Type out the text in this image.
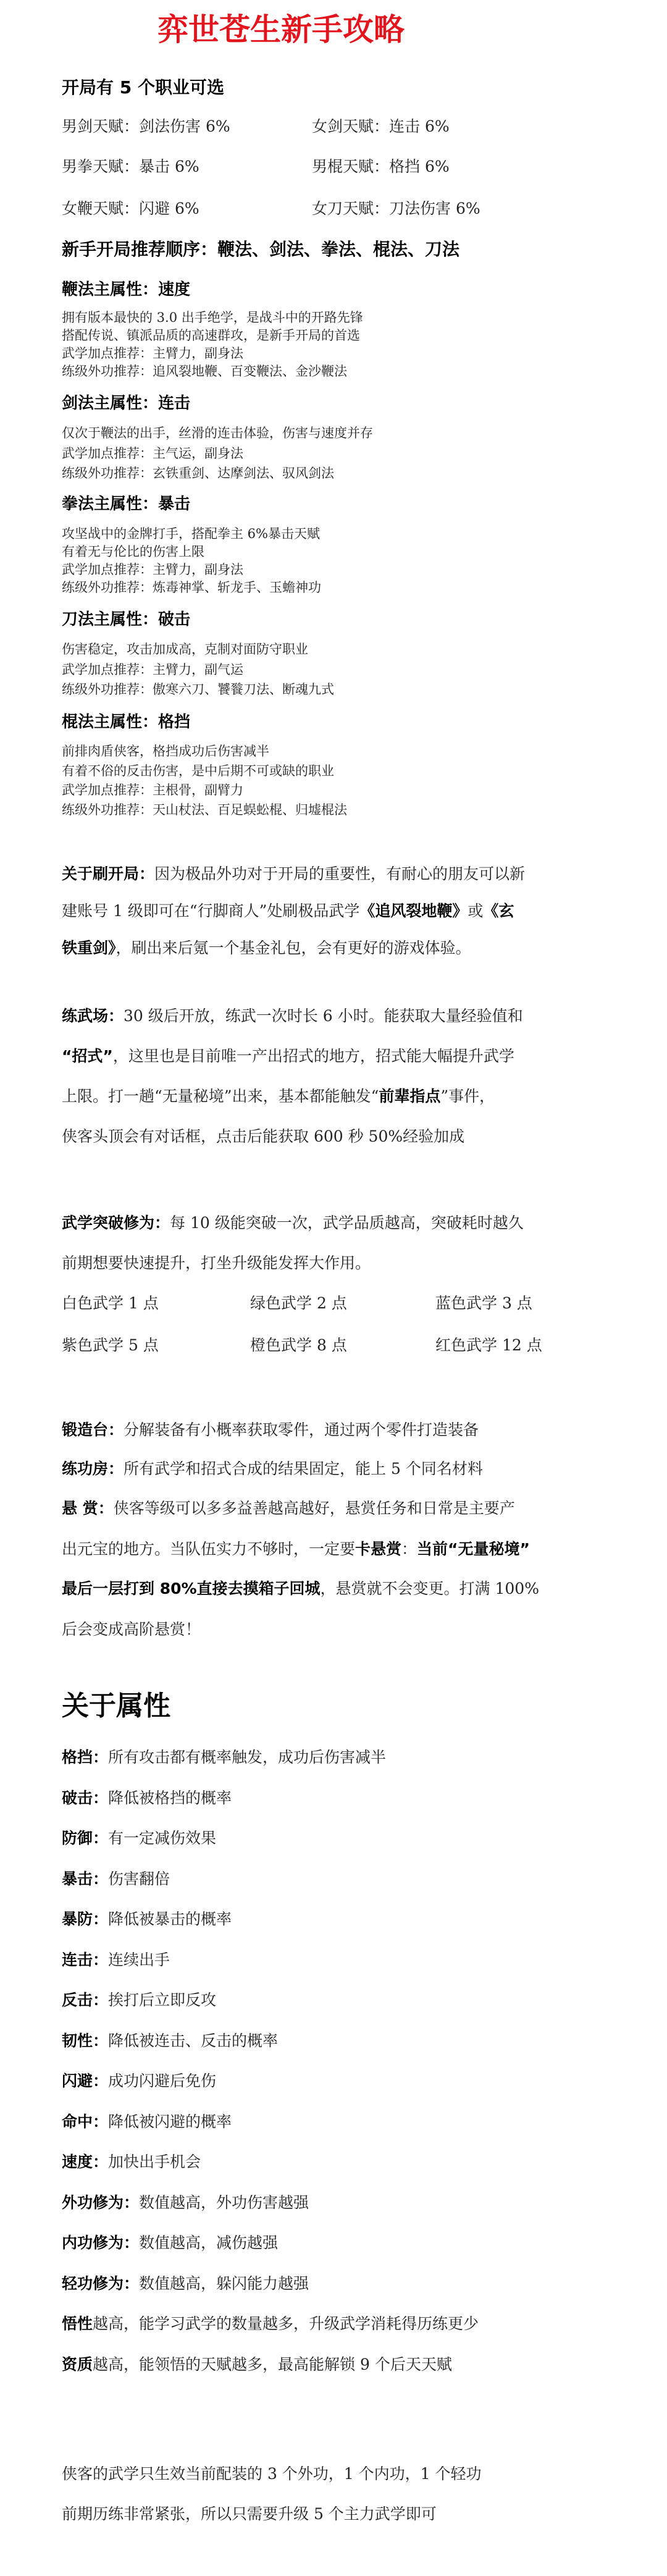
弈世苍生新手攻略
开局有 5 个职业可选
男剑天赋：剑法伤害 6%	女剑天赋：连击 6%
男拳天赋：暴击 6%	男棍天赋：格挡 6%
女鞭天赋：闪避 6%	女刀天赋：刀法伤害 6%
新手开局推荐顺序：鞭法、剑法、拳法、棍法、刀法
鞭法主属性：速度
拥有版本最快的 3.0 出手绝学，是战斗中的开路先锋
搭配传说、镇派品质的高速群攻，是新手开局的首选
武学加点推荐：主臂力，副身法
练级外功推荐：追风裂地鞭、百变鞭法、金沙鞭法
剑法主属性：连击
仅次于鞭法的出手，丝滑的连击体验，伤害与速度并存
武学加点推荐：主气运，副身法
练级外功推荐：玄铁重剑、达摩剑法、驭风剑法
拳法主属性：暴击
攻坚战中的金牌打手，搭配拳主 6%暴击天赋
有着无与伦比的伤害上限
武学加点推荐：主臂力，副身法
练级外功推荐：炼毒神掌、斩龙手、玉蟾神功
刀法主属性：破击
伤害稳定，攻击加成高，克制对面防守职业
武学加点推荐：主臂力，副气运
练级外功推荐：傲寒六刀、饕餮刀法、断魂九式
棍法主属性：格挡
前排肉盾侠客，格挡成功后伤害减半
有着不俗的反击伤害，是中后期不可或缺的职业
武学加点推荐：主根骨，副臂力
练级外功推荐：天山杖法、百足蜈蚣棍、归墟棍法
关于刷开局：因为极品外功对于开局的重要性，有耐心的朋友可以新
建账号 1 级即可在“行脚商人”处刷极品武学《追风裂地鞭》或《玄
铁重剑》，刷出来后氪一个基金礼包，会有更好的游戏体验。
练武场：30 级后开放，练武一次时长 6 小时。能获取大量经验值和
“招式”，这里也是目前唯一产出招式的地方，招式能大幅提升武学
上限。打一趟“无量秘境”出来，基本都能触发“前辈指点”事件，
侠客头顶会有对话框，点击后能获取 600 秒 50%经验加成
武学突破修为：每 10 级能突破一次，武学品质越高，突破耗时越久
前期想要快速提升，打坐升级能发挥大作用。
白色武学 1 点	绿色武学 2 点	蓝色武学 3 点
紫色武学 5 点	橙色武学 8 点	红色武学 12 点
锻造台：分解装备有小概率获取零件，通过两个零件打造装备
练功房：所有武学和招式合成的结果固定，能上 5 个同名材料
悬 赏：侠客等级可以多多益善越高越好，悬赏任务和日常是主要产
出元宝的地方。当队伍实力不够时，一定要卡悬赏：当前“无量秘境”
最后一层打到 80%直接去摸箱子回城，悬赏就不会变更。打满 100%
后会变成高阶悬赏！
关于属性
格挡：所有攻击都有概率触发，成功后伤害减半
破击：降低被格挡的概率
防御：有一定减伤效果
暴击：伤害翻倍
暴防：降低被暴击的概率
连击：连续出手
反击：挨打后立即反攻
韧性：降低被连击、反击的概率
闪避：成功闪避后免伤
命中：降低被闪避的概率
速度：加快出手机会
外功修为：数值越高，外功伤害越强
内功修为：数值越高，减伤越强
轻功修为：数值越高，躲闪能力越强
悟性越高，能学习武学的数量越多，升级武学消耗得历练更少
资质越高，能领悟的天赋越多，最高能解锁 9 个后天天赋
侠客的武学只生效当前配装的 3 个外功，1 个内功，1 个轻功
前期历练非常紧张，所以只需要升级 5 个主力武学即可
